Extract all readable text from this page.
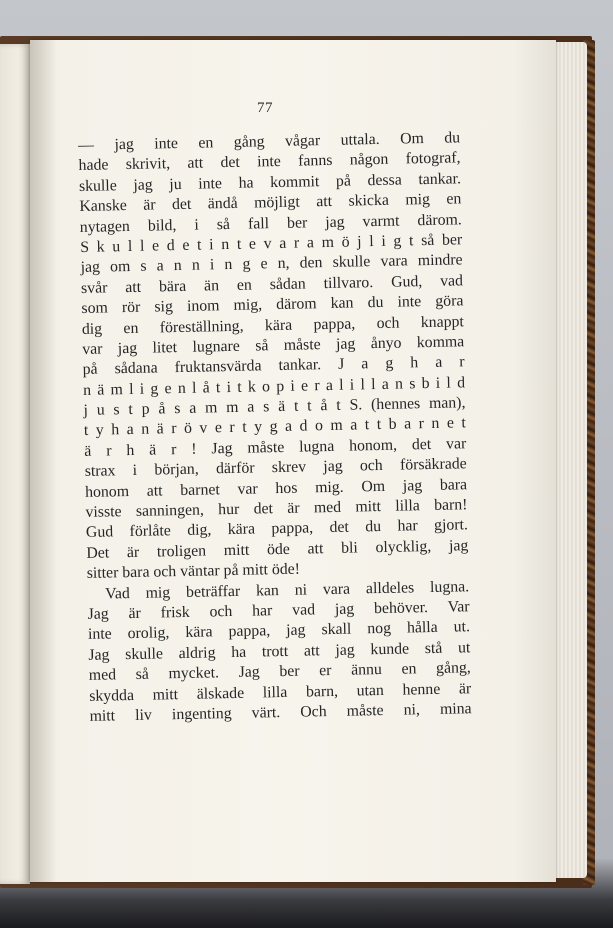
77
— jag inte en gång vågar uttala. Om du
hade skrivit, att det inte fanns någon fotograf,
skulle jag ju inte ha kommit på dessa tankar.
Kanske är det ändå möjligt att skicka mig en
nytagen bild, i så fall ber jag varmt därom.
S k u l l e d e t i n t e v a r a m ö j l i g t så ber
jag om s a n n i n g e n, den skulle vara mindre
svår att bära än en sådan tillvaro. Gud, vad
som rör sig inom mig, därom kan du inte göra
dig en föreställning, kära pappa, och knappt
var jag litet lugnare så måste jag ånyo komma
på sådana fruktansvärda tankar. J a g h a r
n ä m l i g e n l å t i t k o p i e r a l i l l a n s b i l d
j u s t p å s a m m a s ä t t å t S. (hennes man),
t y h a n ä r ö v e r t y g a d o m a t t b a r n e t
ä r h ä r ! Jag måste lugna honom, det var
strax i början, därför skrev jag och försäkrade
honom att barnet var hos mig. Om jag bara
visste sanningen, hur det är med mitt lilla barn!
Gud förlåte dig, kära pappa, det du har gjort.
Det är troligen mitt öde att bli olycklig, jag
sitter bara och väntar på mitt öde!
Vad mig beträffar kan ni vara alldeles lugna.
Jag är frisk och har vad jag behöver. Var
inte orolig, kära pappa, jag skall nog hålla ut.
Jag skulle aldrig ha trott att jag kunde stå ut
med så mycket. Jag ber er ännu en gång,
skydda mitt älskade lilla barn, utan henne är
mitt liv ingenting värt. Och måste ni, mina
